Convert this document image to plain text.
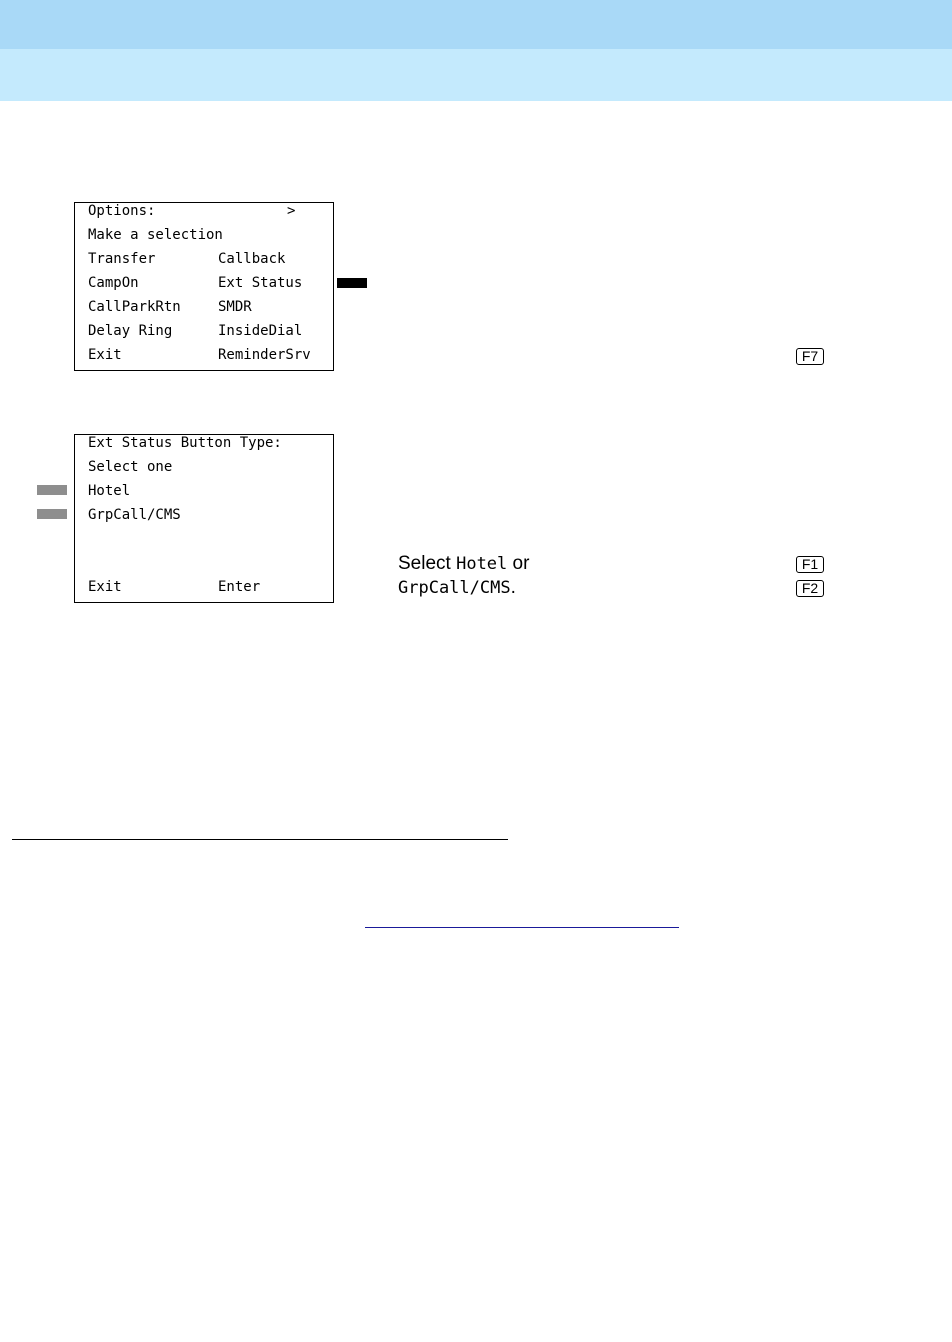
Options:	>
Make a selection
Transfer	Callback
CampOn	Ext Status
CallParkRtn	SMDR
Delay Ring	InsideDial
Exit	ReminderSrv	F7
Ext Status Button Type:
Select one
Hotel
GrpCall/CMS
Exit	Enter
Select Hotel or
GrpCall/CMS.
F1
F2
